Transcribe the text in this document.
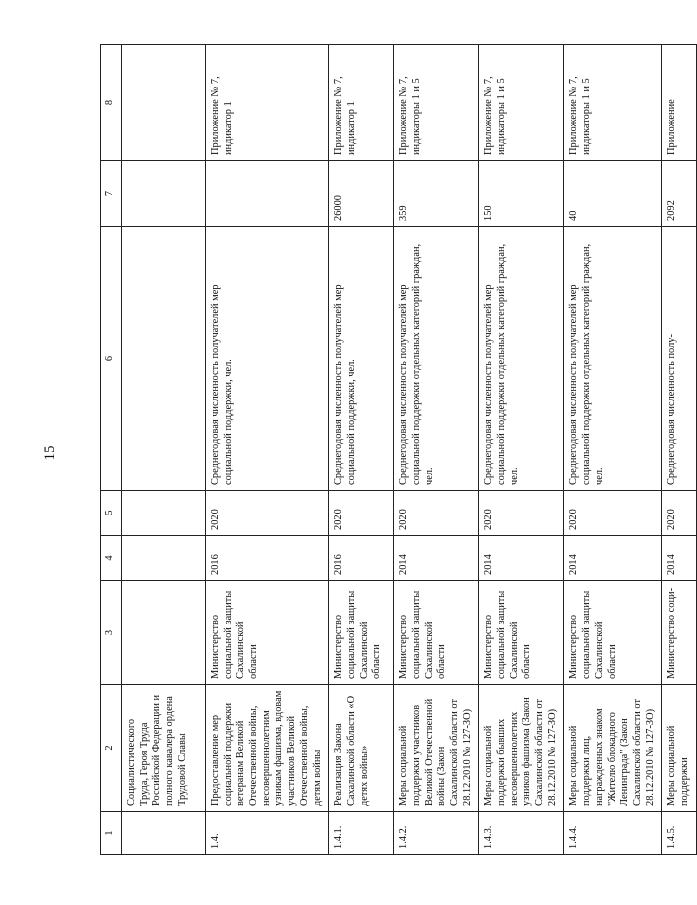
15
1	2	3	4	5	6	7	8
	Социалистического Труда, Героя Труда Российской Федерации и полного кавалера ордена Трудовой Славы						
1.4.	Предоставление мер социальной поддержки ветеранам Великой Отечественной войны, несовершеннолетним узникам фашизма, вдовам участников Великой Отечественной войны, детям войны	Министерство социальной защиты Сахалинской области	2016	2020	Среднегодовая численность получателей мер социальной поддержки, чел.		Приложение № 7, индикатор 1
1.4.1.	Реализация Закона Сахалинской области «О детях войны»	Министерство социальной защиты Сахалинской области	2016	2020	Среднегодовая численность получателей мер социальной поддержки, чел.	26000	Приложение № 7, индикатор 1
1.4.2.	Меры социальной поддержки участников Великой Отечественной войны (Закон Сахалинской области от 28.12.2010 № 127-ЗО)	Министерство социальной защиты Сахалинской области	2014	2020	Среднегодовая численность получателей мер социальной поддержки отдельных категорий граждан, чел.	359	Приложение № 7, индикаторы 1 и 5
1.4.3.	Меры социальной поддержки бывших несовершеннолетних узников фашизма (Закон Сахалинской области от 28.12.2010 № 127-ЗО)	Министерство социальной защиты Сахалинской области	2014	2020	Среднегодовая численность получателей мер социальной поддержки отдельных категорий граждан, чел.	150	Приложение № 7, индикаторы 1 и 5
1.4.4.	Меры социальной поддержки лиц, награжденных знаком "Жителю блокадного Ленинграда" (Закон Сахалинской области от 28.12.2010 № 127-ЗО)	Министерство социальной защиты Сахалинской области	2014	2020	Среднегодовая численность получателей мер социальной поддержки отдельных категорий граждан, чел.	40	Приложение № 7, индикаторы 1 и 5
1.4.5.	Меры социальной поддержки	Министерство соци-	2014	2020	Среднегодовая численность полу-	2092	Приложение
